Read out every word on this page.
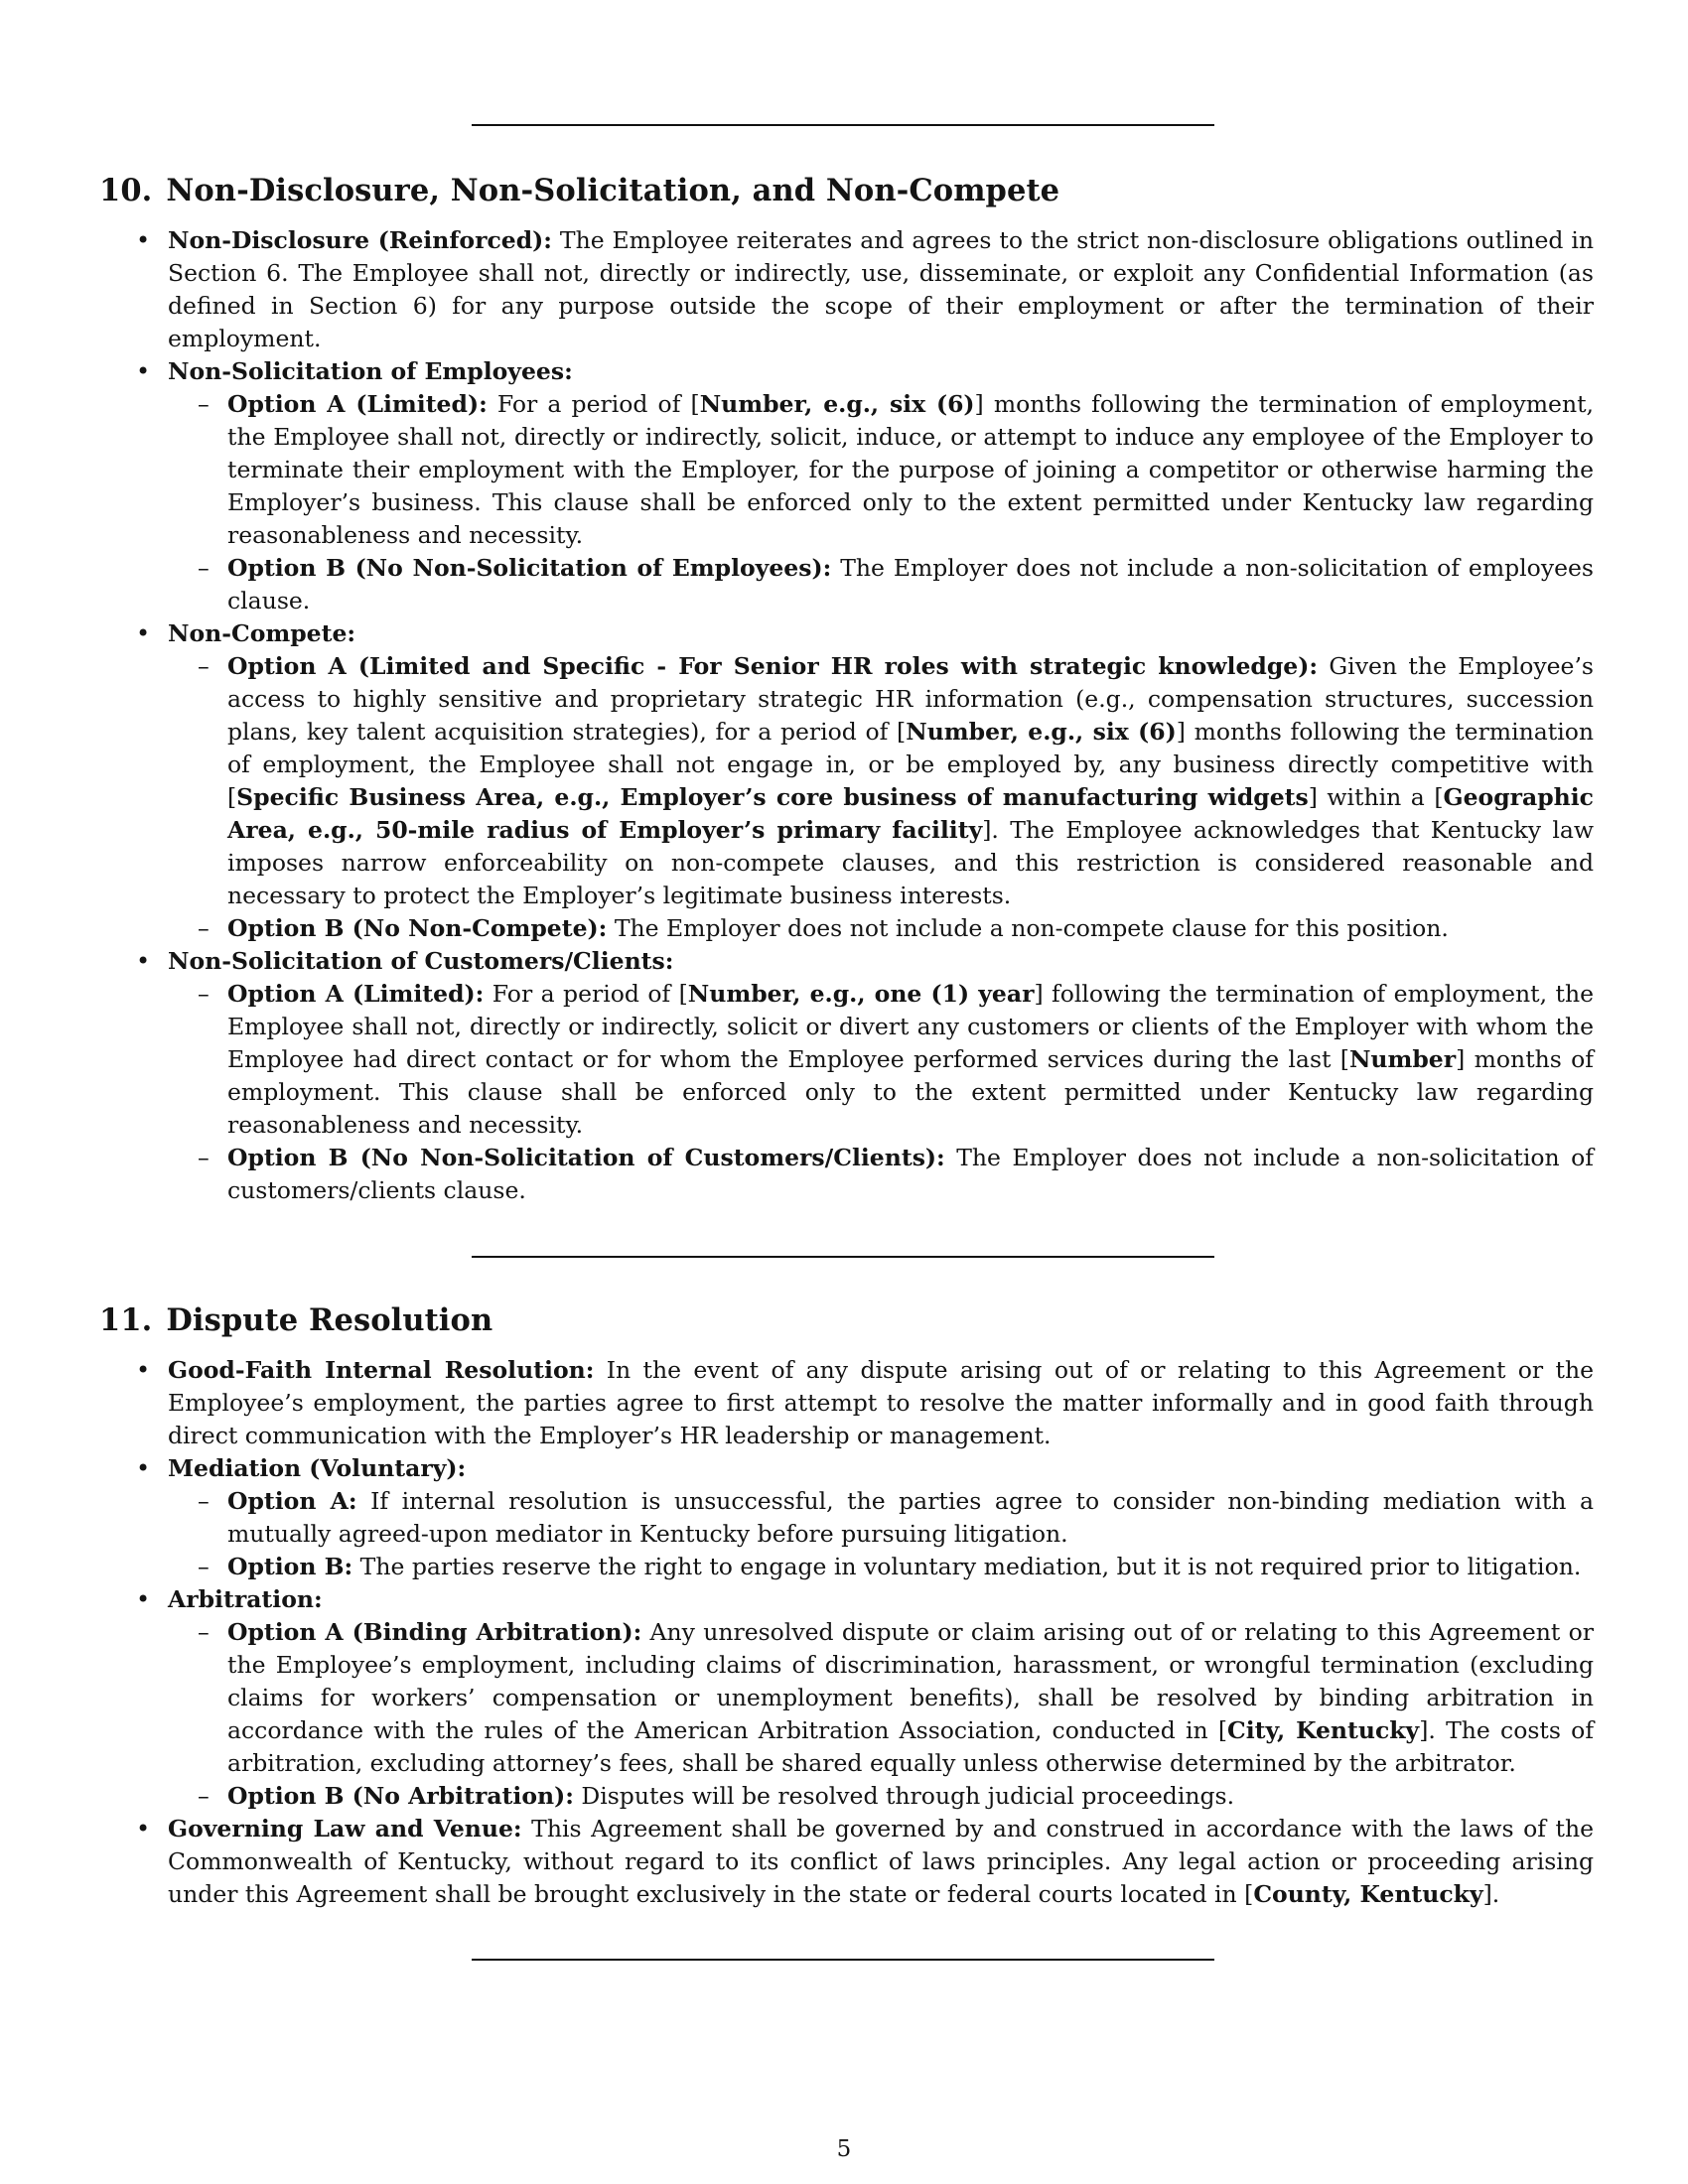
10. Non-Disclosure, Non-Solicitation, and Non-Compete
• Non-Disclosure (Reinforced): The Employee reiterates and agrees to the strict non-disclosure obligations outlined in Section 6. The Employee shall not, directly or indirectly, use, disseminate, or exploit any Confidential Information (as defined in Section 6) for any purpose outside the scope of their employment or after the termination of their employment.
• Non-Solicitation of Employees:
– Option A (Limited): For a period of [Number, e.g., six (6)] months following the termination of employment, the Employee shall not, directly or indirectly, solicit, induce, or attempt to induce any employee of the Employer to terminate their employment with the Employer, for the purpose of joining a competitor or otherwise harming the Employer’s business. This clause shall be enforced only to the extent permitted under Kentucky law regarding reasonableness and necessity.
– Option B (No Non-Solicitation of Employees): The Employer does not include a non-solicitation of employees clause.
• Non-Compete:
– Option A (Limited and Specific - For Senior HR roles with strategic knowledge): Given the Employee’s access to highly sensitive and proprietary strategic HR information (e.g., compensation structures, succession plans, key talent acquisition strategies), for a period of [Number, e.g., six (6)] months following the termination of employment, the Employee shall not engage in, or be employed by, any business directly competitive with [Specific Business Area, e.g., Employer’s core business of manufacturing widgets] within a [Geographic Area, e.g., 50-mile radius of Employer’s primary facility]. The Employee acknowledges that Kentucky law imposes narrow enforceability on non-compete clauses, and this restriction is considered reasonable and necessary to protect the Employer’s legitimate business interests.
– Option B (No Non-Compete): The Employer does not include a non-compete clause for this position.
• Non-Solicitation of Customers/Clients:
– Option A (Limited): For a period of [Number, e.g., one (1) year] following the termination of employment, the Employee shall not, directly or indirectly, solicit or divert any customers or clients of the Employer with whom the Employee had direct contact or for whom the Employee performed services during the last [Number] months of employment. This clause shall be enforced only to the extent permitted under Kentucky law regarding reasonableness and necessity.
– Option B (No Non-Solicitation of Customers/Clients): The Employer does not include a non-solicitation of customers/clients clause.
11. Dispute Resolution
• Good-Faith Internal Resolution: In the event of any dispute arising out of or relating to this Agreement or the Employee’s employment, the parties agree to first attempt to resolve the matter informally and in good faith through direct communication with the Employer’s HR leadership or management.
• Mediation (Voluntary):
– Option A: If internal resolution is unsuccessful, the parties agree to consider non-binding mediation with a mutually agreed-upon mediator in Kentucky before pursuing litigation.
– Option B: The parties reserve the right to engage in voluntary mediation, but it is not required prior to litigation.
• Arbitration:
– Option A (Binding Arbitration): Any unresolved dispute or claim arising out of or relating to this Agreement or the Employee’s employment, including claims of discrimination, harassment, or wrongful termination (excluding claims for workers’ compensation or unemployment benefits), shall be resolved by binding arbitration in accordance with the rules of the American Arbitration Association, conducted in [City, Kentucky]. The costs of arbitration, excluding attorney’s fees, shall be shared equally unless otherwise determined by the arbitrator.
– Option B (No Arbitration): Disputes will be resolved through judicial proceedings.
• Governing Law and Venue: This Agreement shall be governed by and construed in accordance with the laws of the Commonwealth of Kentucky, without regard to its conflict of laws principles. Any legal action or proceeding arising under this Agreement shall be brought exclusively in the state or federal courts located in [County, Kentucky].
5
